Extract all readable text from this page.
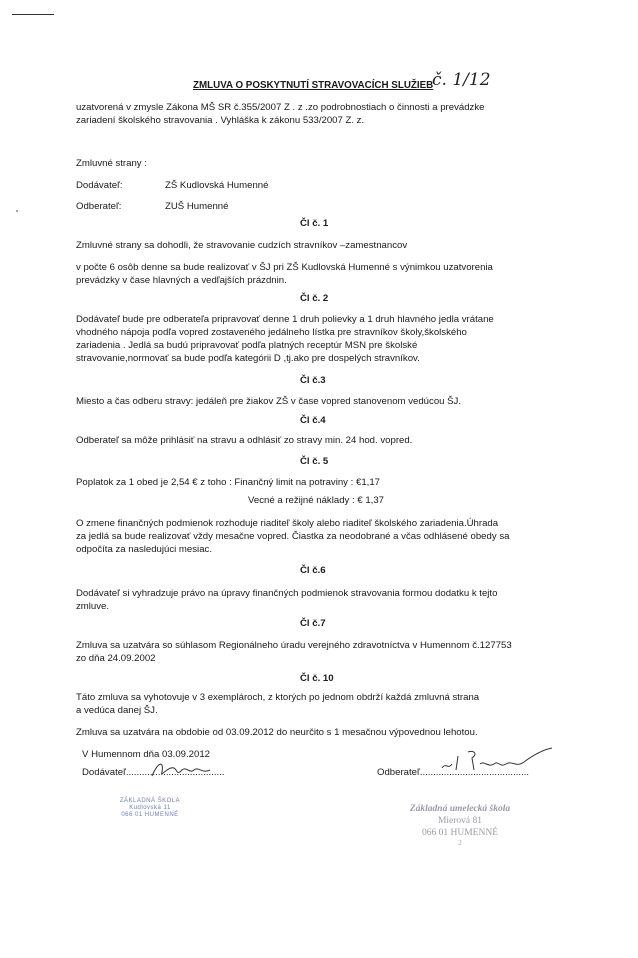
ZMLUVA O POSKYTNUTÍ STRAVOVACÍCH SLUŽIEB
č. 1/12
uzatvorená v zmysle Zákona MŠ SR č.355/2007 Z . z .zo podrobnostiach o činnosti a prevádzke
zariadení školského stravovania . Vyhláška k zákonu 533/2007 Z. z.
Zmluvné strany :
Dodávateľ:	ZŠ Kudlovská Humenné
Odberateľ:	ZUŠ Humenné
Čl č. 1
Zmluvné strany sa dohodli, že stravovanie cudzích stravníkov –zamestnancov
v počte 6 osôb denne sa bude realizovať v ŠJ pri ZŠ Kudlovská Humenné s výnimkou uzatvorenia
prevádzky v čase hlavných a vedľajších prázdnin.
Čl č. 2
Dodávateľ bude pre odberateľa pripravovať denne 1 druh polievky a 1 druh hlavného jedla vrátane
vhodného nápoja podľa vopred zostaveného jedálneho lístka pre stravníkov školy,školského
zariadenia . Jedlá sa budú pripravovať podľa platných receptúr MSN pre školské
stravovanie,normovať sa bude podľa kategórii D ,tj.ako pre dospelých stravníkov.
Čl č.3
Miesto a čas odberu stravy: jedáleň pre žiakov ZŠ v čase vopred stanovenom vedúcou ŠJ.
Čl č.4
Odberateľ sa môže prihlásiť na stravu a odhlásiť zo stravy min. 24 hod. vopred.
Čl č. 5
Poplatok za 1 obed je 2,54 € z toho : Finančný limit na potraviny : €1,17
Vecné a režijné náklady : € 1,37
O zmene finančných podmienok rozhoduje riaditeľ školy alebo riaditeľ školského zariadenia.Úhrada
za jedlá sa bude realizovať vždy mesačne vopred. Čiastka za neodobrané a včas odhlásené obedy sa
odpočíta za nasledujúci mesiac.
Čl č.6
Dodávateľ si vyhradzuje právo na úpravy finančných podmienok stravovania formou dodatku k tejto
zmluve.
Čl č.7
Zmluva sa uzatvára so súhlasom Regionálneho úradu verejného zdravotníctva v Humennom č.127753
zo dňa 24.09.2002
Čl č. 10
Táto zmluva sa vyhotovuje v 3 exemplároch, z ktorých po jednom obdrží každá zmluvná strana
a vedúca danej ŠJ.
Zmluva sa uzatvára na obdobie od 03.09.2012 do neurčito s 1 mesačnou výpovednou lehotou.
V Humennom dňa 03.09.2012
Dodávateľ.....................................	Odberateľ.........................................
ZÁKLADNÁ ŠKOLA
Kudlovská 11
066 01 HUMENNÉ
Základná umelecká škola
Mierová 81
066 01 HUMENNÉ
2
